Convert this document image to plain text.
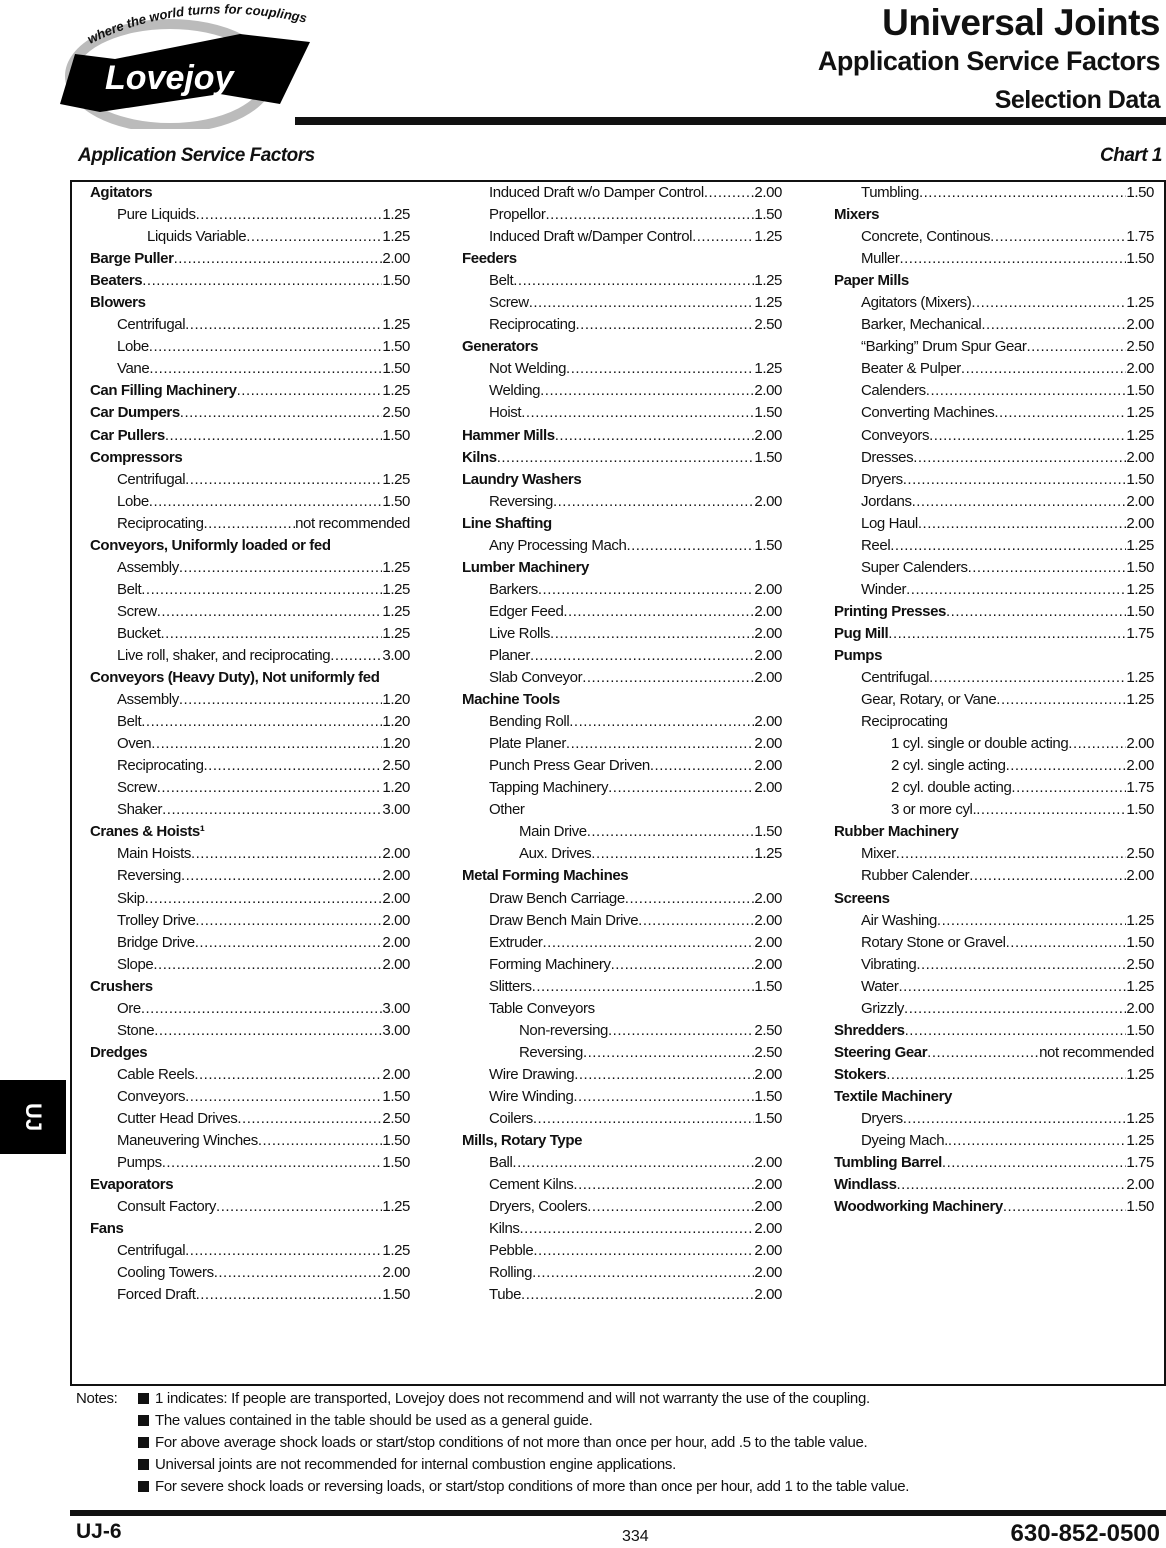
where the world turns for couplings
Lovejoy
Universal Joints
Application Service Factors
Selection Data
Application Service Factors	Chart 1
Agitators
Pure Liquids .....	1.25
Liquids Variable .....	1.25
Barge Puller .....	2.00
Beaters .....	1.50
Blowers
Centrifugal .....	1.25
Lobe .....	1.50
Vane .....	1.50
Can Filling Machinery .....	1.25
Car Dumpers .....	2.50
Car Pullers .....	1.50
Compressors
Centrifugal .....	1.25
Lobe .....	1.50
Reciprocating .....	not recommended
Conveyors, Uniformly loaded or fed
Assembly .....	1.25
Belt .....	1.25
Screw .....	1.25
Bucket .....	1.25
Live roll, shaker, and reciprocating .....	3.00
Conveyors (Heavy Duty), Not uniformly fed
Assembly .....	1.20
Belt .....	1.20
Oven .....	1.20
Reciprocating .....	2.50
Screw .....	1.20
Shaker .....	3.00
Cranes & Hoists¹
Main Hoists .....	2.00
Reversing .....	2.00
Skip .....	2.00
Trolley Drive .....	2.00
Bridge Drive .....	2.00
Slope .....	2.00
Crushers
Ore .....	3.00
Stone .....	3.00
Dredges
Cable Reels .....	2.00
Conveyors .....	1.50
Cutter Head Drives .....	2.50
Maneuvering Winches .....	1.50
Pumps .....	1.50
Evaporators
Consult Factory .....	1.25
Fans
Centrifugal .....	1.25
Cooling Towers .....	2.00
Forced Draft .....	1.50
Induced Draft w/o Damper Control .....	2.00
Propellor .....	1.50
Induced Draft w/Damper Control .....	1.25
Feeders
Belt .....	1.25
Screw .....	1.25
Reciprocating .....	2.50
Generators
Not Welding .....	1.25
Welding .....	2.00
Hoist .....	1.50
Hammer Mills .....	2.00
Kilns .....	1.50
Laundry Washers
Reversing .....	2.00
Line Shafting
Any Processing Mach .....	1.50
Lumber Machinery
Barkers .....	2.00
Edger Feed .....	2.00
Live Rolls .....	2.00
Planer .....	2.00
Slab Conveyor .....	2.00
Machine Tools
Bending Roll .....	2.00
Plate Planer .....	2.00
Punch Press Gear Driven .....	2.00
Tapping Machinery .....	2.00
Other
Main Drive .....	1.50
Aux. Drives .....	1.25
Metal Forming Machines
Draw Bench Carriage .....	2.00
Draw Bench Main Drive .....	2.00
Extruder .....	2.00
Forming Machinery .....	2.00
Slitters .....	1.50
Table Conveyors
Non-reversing .....	2.50
Reversing .....	2.50
Wire Drawing .....	2.00
Wire Winding .....	1.50
Coilers .....	1.50
Mills, Rotary Type
Ball .....	2.00
Cement Kilns .....	2.00
Dryers, Coolers .....	2.00
Kilns .....	2.00
Pebble .....	2.00
Rolling .....	2.00
Tube .....	2.00
Tumbling .....	1.50
Mixers
Concrete, Continous .....	1.75
Muller .....	1.50
Paper Mills
Agitators (Mixers) .....	1.25
Barker, Mechanical .....	2.00
“Barking” Drum Spur Gear .....	2.50
Beater & Pulper .....	2.00
Calenders .....	1.50
Converting Machines .....	1.25
Conveyors .....	1.25
Dresses .....	2.00
Dryers .....	1.50
Jordans .....	2.00
Log Haul .....	2.00
Reel .....	1.25
Super Calenders .....	1.50
Winder .....	1.25
Printing Presses .....	1.50
Pug Mill .....	1.75
Pumps
Centrifugal .....	1.25
Gear, Rotary, or Vane .....	1.25
Reciprocating
1 cyl. single or double acting .....	2.00
2 cyl. single acting .....	2.00
2 cyl. double acting .....	1.75
3 or more cyl. .....	1.50
Rubber Machinery
Mixer .....	2.50
Rubber Calender .....	2.00
Screens
Air Washing .....	1.25
Rotary Stone or Gravel .....	1.50
Vibrating .....	2.50
Water .....	1.25
Grizzly .....	2.00
Shredders .....	1.50
Steering Gear .....	not recommended
Stokers .....	1.25
Textile Machinery
Dryers .....	1.25
Dyeing Mach. .....	1.25
Tumbling Barrel .....	1.75
Windlass .....	2.00
Woodworking Machinery .....	1.50
UJ
Notes:	1 indicates: If people are transported, Lovejoy does not recommend and will not warranty the use of the coupling.
The values contained in the table should be used as a general guide.
For above average shock loads or start/stop conditions of not more than once per hour, add .5 to the table value.
Universal joints are not recommended for internal combustion engine applications.
For severe shock loads or reversing loads, or start/stop conditions of more than once per hour, add 1 to the table value.
UJ-6	334	630-852-0500
